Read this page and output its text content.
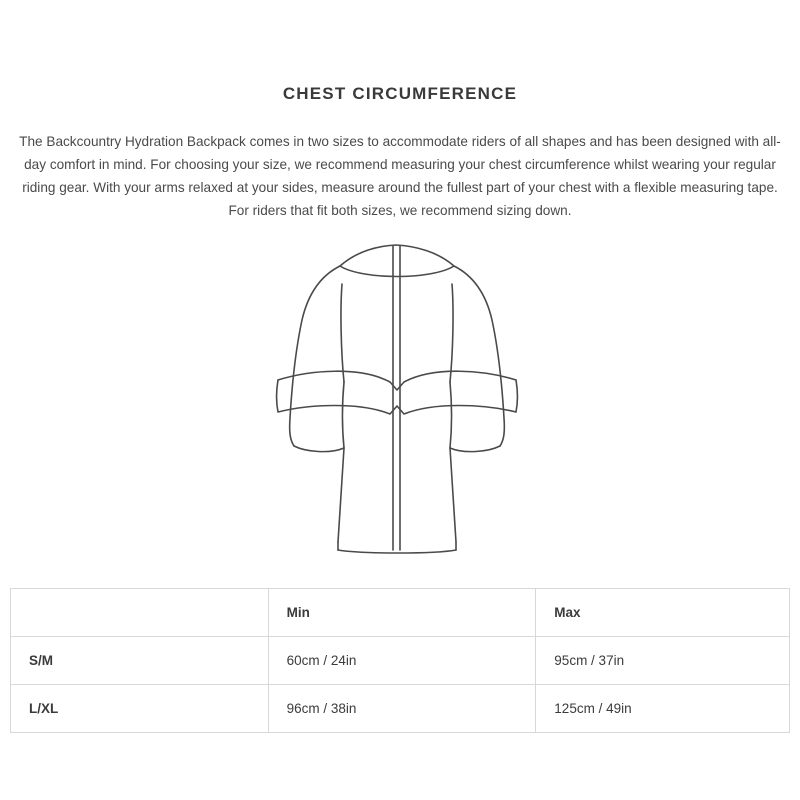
CHEST CIRCUMFERENCE

The Backcountry Hydration Backpack comes in two sizes to accommodate riders of all shapes and has been designed with all-day comfort in mind. For choosing your size, we recommend measuring your chest circumference whilst wearing your regular riding gear. With your arms relaxed at your sides, measure around the fullest part of your chest with a flexible measuring tape. For riders that fit both sizes, we recommend sizing down.

	Min	Max
S/M	60cm / 24in	95cm / 37in
L/XL	96cm / 38in	125cm / 49in
